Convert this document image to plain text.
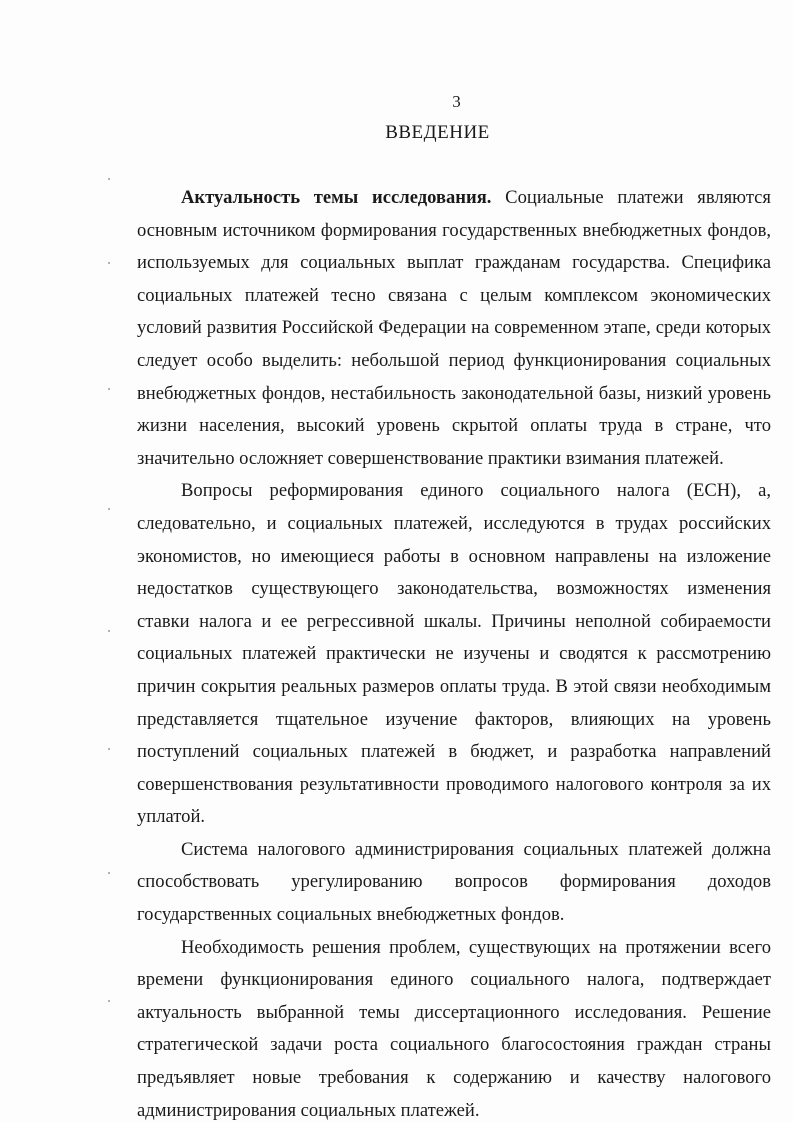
3
ВВЕДЕНИЕ

Актуальность темы исследования. Социальные платежи являются основным источником формирования государственных внебюджетных фондов, используемых для социальных выплат гражданам государства. Специфика социальных платежей тесно связана с целым комплексом экономических условий развития Российской Федерации на современном этапе, среди которых следует особо выделить: небольшой период функционирования социальных внебюджетных фондов, нестабильность законодательной базы, низкий уровень жизни населения, высокий уровень скрытой оплаты труда в стране, что значительно осложняет совершенствование практики взимания платежей.

Вопросы реформирования единого социального налога (ЕСН), а, следовательно, и социальных платежей, исследуются в трудах российских экономистов, но имеющиеся работы в основном направлены на изложение недостатков существующего законодательства, возможностях изменения ставки налога и ее регрессивной шкалы. Причины неполной собираемости социальных платежей практически не изучены и сводятся к рассмотрению причин сокрытия реальных размеров оплаты труда. В этой связи необходимым представляется тщательное изучение факторов, влияющих на уровень поступлений социальных платежей в бюджет, и разработка направлений совершенствования результативности проводимого налогового контроля за их уплатой.

Система налогового администрирования социальных платежей должна способствовать урегулированию вопросов формирования доходов государственных социальных внебюджетных фондов.

Необходимость решения проблем, существующих на протяжении всего времени функционирования единого социального налога, подтверждает актуальность выбранной темы диссертационного исследования. Решение стратегической задачи роста социального благосостояния граждан страны предъявляет новые требования к содержанию и качеству налогового администрирования социальных платежей.
